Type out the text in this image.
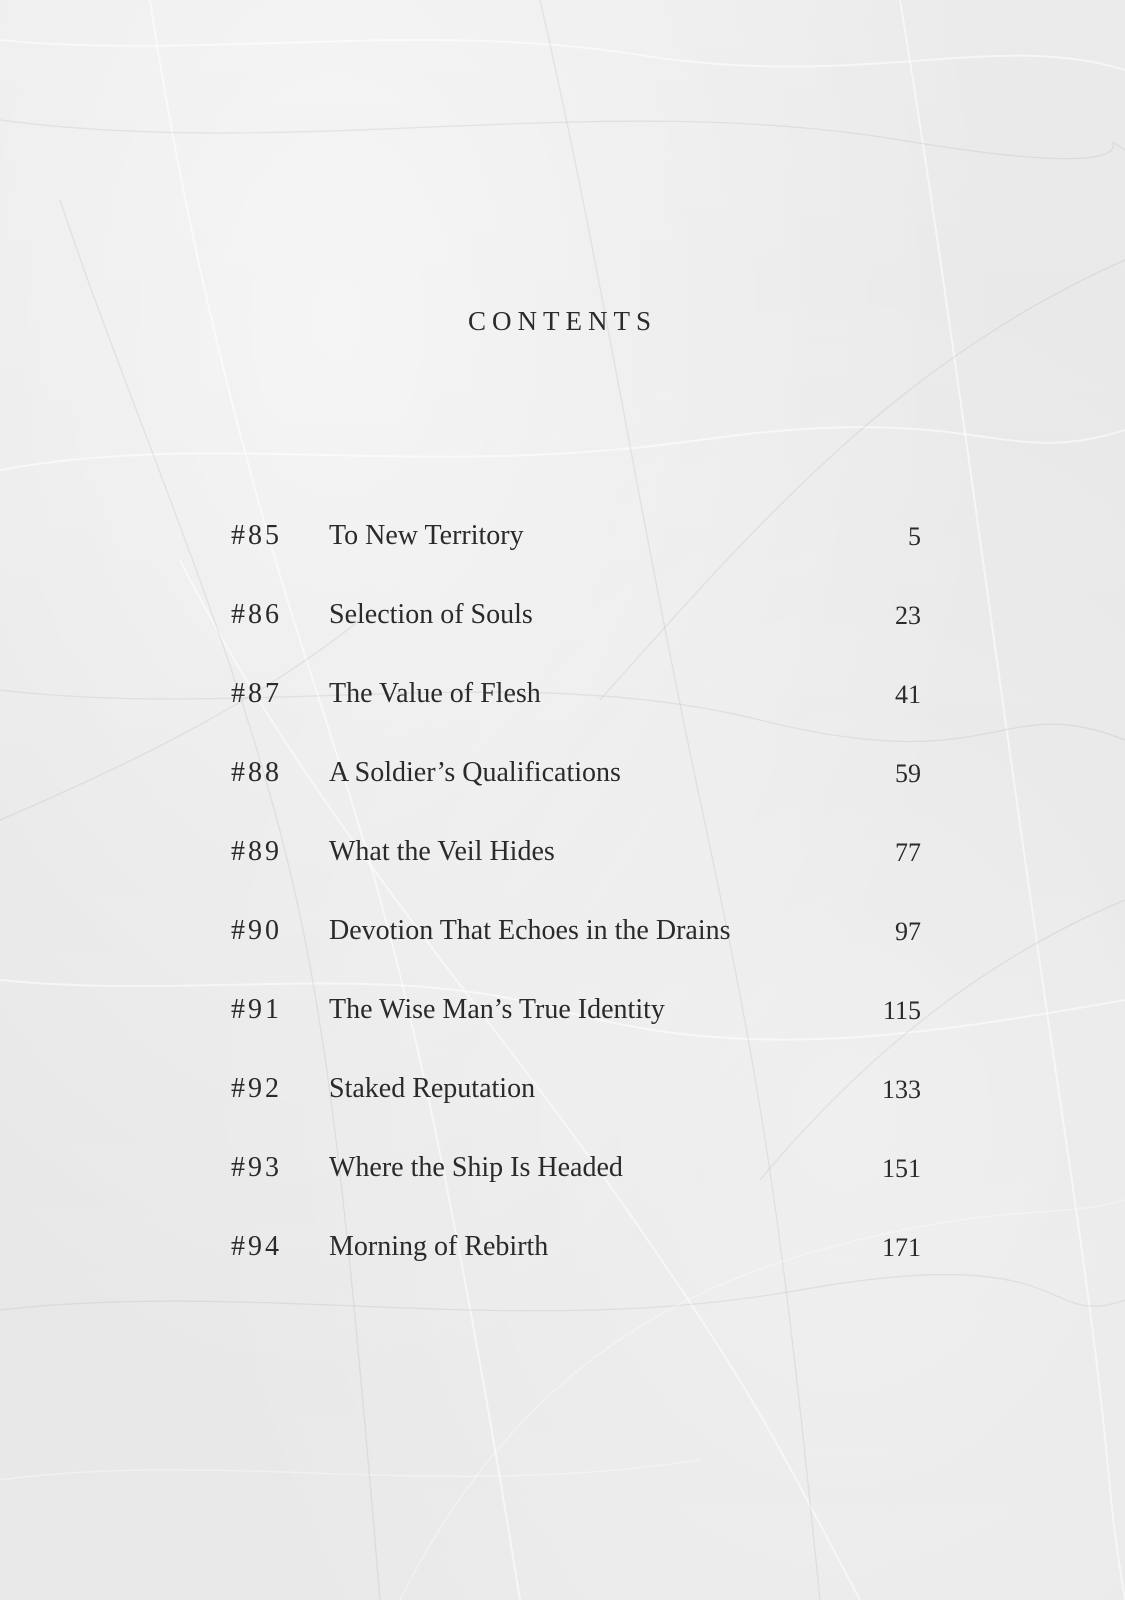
CONTENTS
#85 To New Territory	5
#86 Selection of Souls	23
#87 The Value of Flesh	41
#88 A Soldier’s Qualifications	59
#89 What the Veil Hides	77
#90 Devotion That Echoes in the Drains	97
#91 The Wise Man’s True Identity	115
#92 Staked Reputation	133
#93 Where the Ship Is Headed	151
#94 Morning of Rebirth	171
